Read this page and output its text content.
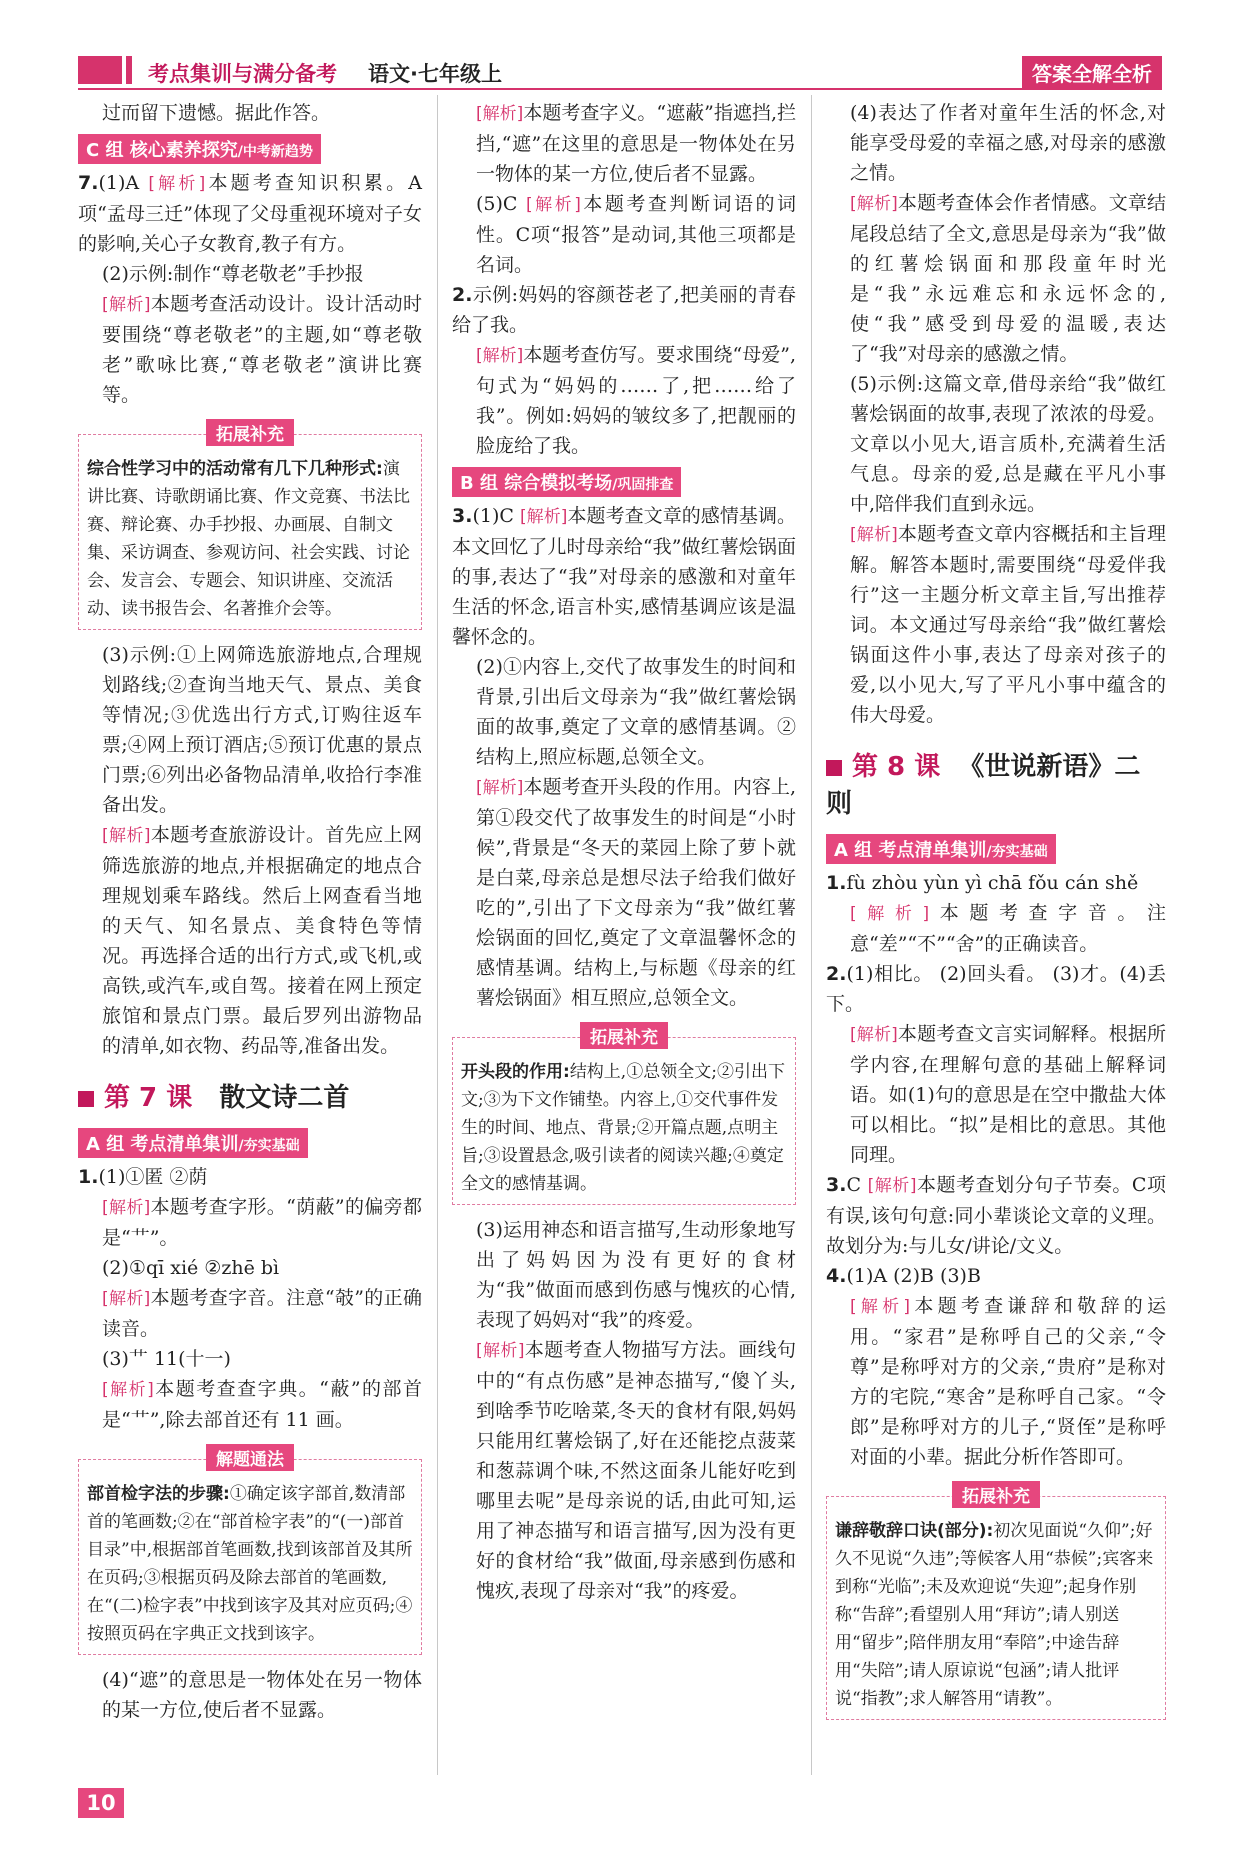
考点集训与满分备考 语文·七年级上	答案全解全析

过而留下遗憾。据此作答。

C 组 核心素养探究/中考新趋势

7.(1)A [解析]本题考查知识积累。A项“孟母三迁”体现了父母重视环境对子女的影响,关心子女教育,教子有方。

(2)示例:制作“尊老敬老”手抄报

[解析]本题考查活动设计。设计活动时要围绕“尊老敬老”的主题,如“尊老敬老”歌咏比赛,“尊老敬老”演讲比赛等。

拓展补充
综合性学习中的活动常有几下几种形式:演讲比赛、诗歌朗诵比赛、作文竞赛、书法比赛、辩论赛、办手抄报、办画展、自制文集、采访调查、参观访问、社会实践、讨论会、发言会、专题会、知识讲座、交流活动、读书报告会、名著推介会等。

(3)示例:①上网筛选旅游地点,合理规划路线;②查询当地天气、景点、美食等情况;③优选出行方式,订购往返车票;④网上预订酒店;⑤预订优惠的景点门票;⑥列出必备物品清单,收拾行李准备出发。

[解析]本题考查旅游设计。首先应上网筛选旅游的地点,并根据确定的地点合理规划乘车路线。然后上网查看当地的天气、知名景点、美食特色等情况。再选择合适的出行方式,或飞机,或高铁,或汽车,或自驾。接着在网上预定旅馆和景点门票。最后罗列出游物品的清单,如衣物、药品等,准备出发。

第 7 课 散文诗二首
A 组 考点清单集训/夯实基础

1.(1)①匿 ②荫

[解析]本题考查字形。“荫蔽”的偏旁都是“艹”。

(2)①qī xié ②zhē bì

[解析]本题考查字音。注意“攲”的正确读音。

(3)艹 11(十一)

[解析]本题考查查字典。“蔽”的部首是“艹”,除去部首还有 11 画。

解题通法
部首检字法的步骤:①确定该字部首,数清部首的笔画数;②在“部首检字表”的“(一)部首目录”中,根据部首笔画数,找到该部首及其所在页码;③根据页码及除去部首的笔画数,在“(二)检字表”中找到该字及其对应页码;④按照页码在字典正文找到该字。

(4)“遮”的意思是一物体处在另一物体的某一方位,使后者不显露。

[解析]本题考查字义。“遮蔽”指遮挡,拦挡,“遮”在这里的意思是一物体处在另一物体的某一方位,使后者不显露。

(5)C [解析]本题考查判断词语的词性。C项“报答”是动词,其他三项都是名词。

2.示例:妈妈的容颜苍老了,把美丽的青春给了我。

[解析]本题考查仿写。要求围绕“母爱”,句式为“妈妈的……了,把……给了我”。例如:妈妈的皱纹多了,把靓丽的脸庞给了我。

B 组 综合模拟考场/巩固排查

3.(1)C [解析]本题考查文章的感情基调。本文回忆了儿时母亲给“我”做红薯烩锅面的事,表达了“我”对母亲的感激和对童年生活的怀念,语言朴实,感情基调应该是温馨怀念的。

(2)①内容上,交代了故事发生的时间和背景,引出后文母亲为“我”做红薯烩锅面的故事,奠定了文章的感情基调。②结构上,照应标题,总领全文。

[解析]本题考查开头段的作用。内容上,第①段交代了故事发生的时间是“小时候”,背景是“冬天的菜园上除了萝卜就是白菜,母亲总是想尽法子给我们做好吃的”,引出了下文母亲为“我”做红薯烩锅面的回忆,奠定了文章温馨怀念的感情基调。结构上,与标题《母亲的红薯烩锅面》相互照应,总领全文。

拓展补充
开头段的作用:结构上,①总领全文;②引出下文;③为下文作铺垫。内容上,①交代事件发生的时间、地点、背景;②开篇点题,点明主旨;③设置悬念,吸引读者的阅读兴趣;④奠定全文的感情基调。

(3)运用神态和语言描写,生动形象地写出了妈妈因为没有更好的食材为“我”做面而感到伤感与愧疚的心情,表现了妈妈对“我”的疼爱。

[解析]本题考查人物描写方法。画线句中的“有点伤感”是神态描写,“傻丫头,到啥季节吃啥菜,冬天的食材有限,妈妈只能用红薯烩锅了,好在还能挖点菠菜和葱蒜调个味,不然这面条儿能好吃到哪里去呢”是母亲说的话,由此可知,运用了神态描写和语言描写,因为没有更好的食材给“我”做面,母亲感到伤感和愧疚,表现了母亲对“我”的疼爱。

(4)表达了作者对童年生活的怀念,对能享受母爱的幸福之感,对母亲的感激之情。

[解析]本题考查体会作者情感。文章结尾段总结了全文,意思是母亲为“我”做的红薯烩锅面和那段童年时光是“我”永远难忘和永远怀念的,使“我”感受到母爱的温暖,表达了“我”对母亲的感激之情。

(5)示例:这篇文章,借母亲给“我”做红薯烩锅面的故事,表现了浓浓的母爱。文章以小见大,语言质朴,充满着生活气息。母亲的爱,总是藏在平凡小事中,陪伴我们直到永远。

[解析]本题考查文章内容概括和主旨理解。解答本题时,需要围绕“母爱伴我行”这一主题分析文章主旨,写出推荐词。本文通过写母亲给“我”做红薯烩锅面这件小事,表达了母亲对孩子的爱,以小见大,写了平凡小事中蕴含的伟大母爱。

第 8 课 《世说新语》二则
A 组 考点清单集训/夯实基础

1.fù zhòu yùn yì chā fǒu cán shě

[解析]本题考查字音。注意“差”“不”“舍”的正确读音。

2.(1)相比。 (2)回头看。 (3)才。(4)丢下。

[解析]本题考查文言实词解释。根据所学内容,在理解句意的基础上解释词语。如(1)句的意思是在空中撒盐大体可以相比。“拟”是相比的意思。其他同理。

3.C [解析]本题考查划分句子节奏。C项有误,该句句意:同小辈谈论文章的义理。故划分为:与儿女/讲论/文义。

4.(1)A (2)B (3)B

[解析]本题考查谦辞和敬辞的运用。“家君”是称呼自己的父亲,“令尊”是称呼对方的父亲,“贵府”是称对方的宅院,“寒舍”是称呼自己家。“令郎”是称呼对方的儿子,“贤侄”是称呼对面的小辈。据此分析作答即可。

拓展补充
谦辞敬辞口诀(部分):初次见面说“久仰”;好久不见说“久违”;等候客人用“恭候”;宾客来到称“光临”;未及欢迎说“失迎”;起身作别称“告辞”;看望别人用“拜访”;请人别送用“留步”;陪伴朋友用“奉陪”;中途告辞用“失陪”;请人原谅说“包涵”;请人批评说“指教”;求人解答用“请教”。
10
